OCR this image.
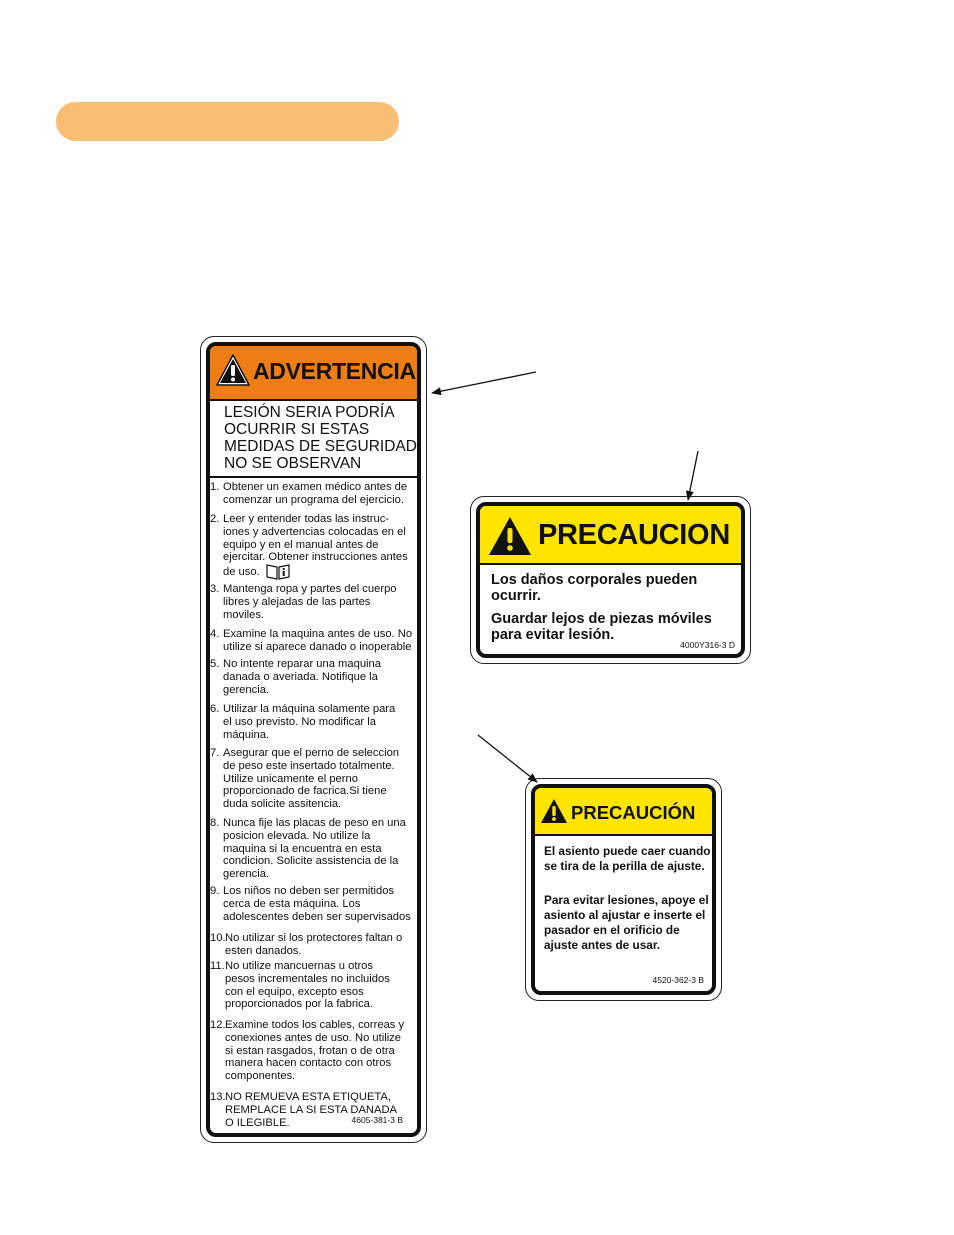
ADVERTENCIA
LESIÓN SERIA PODRÍA OCURRIR SI ESTAS MEDIDAS DE SEGURIDAD NO SE OBSERVAN
1. Obtener un examen médico antes de
comenzar un programa del ejercicio.
2. Leer y entender todas las instruc-
iones y advertencias colocadas en el
equipo y en el manual antes de
ejercitar. Obtener instrucciones antes
de uso.
3. Mantenga ropa y partes del cuerpo
libres y alejadas de las partes
moviles.
4. Examine la maquina antes de uso. No
utilize si aparece danado o inoperable
5. No intente reparar una maquina
danada o averiada. Notifique la
gerencia.
6. Utilizar la máquina solamente para
el uso previsto. No modificar la
máquina.
7. Asegurar que el perno de seleccion
de peso este insertado totalmente.
Utilize unicamente el perno
proporcionado de facrica.Si tiene
duda solicite assitencia.
8. Nunca fije las placas de peso en una
posicion elevada. No utilize la
maquina si la encuentra en esta
condicion. Solicite assistencia de la
gerencia.
9. Los niños no deben ser permitidos
cerca de esta máquina. Los
adolescentes deben ser supervisados
10. No utilizar si los protectores faltan o
esten danados.
11. No utilize mancuernas u otros
pesos incrementales no incluidos
con el equipo, excepto esos
proporcionados por la fabrica.
12. Examine todos los cables, correas y
conexiones antes de uso. No utilize
si estan rasgados, frotan o de otra
manera hacen contacto con otros
componentes.
13. NO REMUEVA ESTA ETIQUETA,
REMPLACE LA SI ESTA DANADA
O ILEGIBLE.	4605-381-3 B
PRECAUCION
Los daños corporales pueden ocurrir.
Guardar lejos de piezas móviles para evitar lesión.
4000Y316-3 D
PRECAUCIÓN
El asiento puede caer cuando se tira de la perilla de ajuste.
Para evitar lesiones, apoye el asiento al ajustar e inserte el pasador en el orificio de ajuste antes de usar.
4520-362-3 B
